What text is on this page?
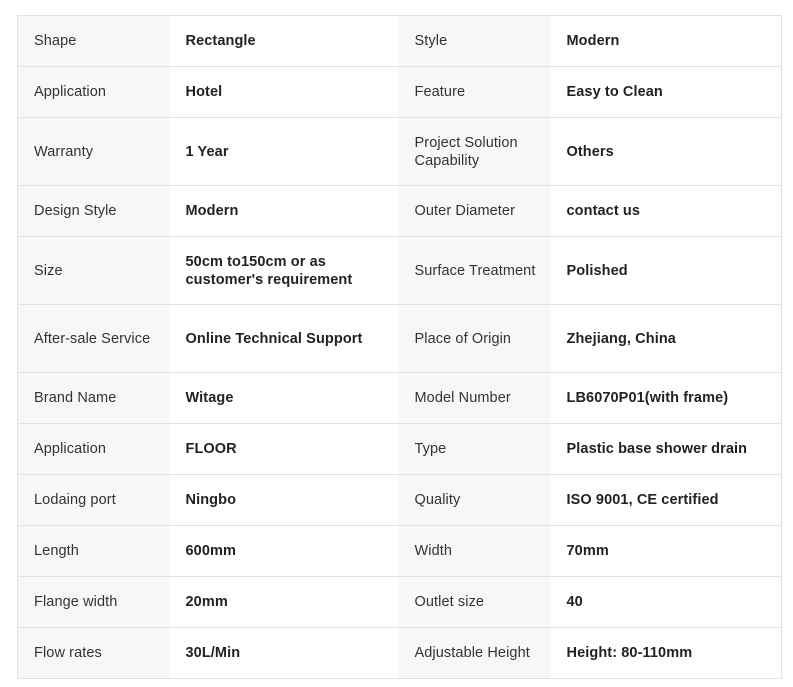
Shape	Rectangle	Style	Modern
Application	Hotel	Feature	Easy to Clean
Warranty	1 Year	Project Solution Capability	Others
Design Style	Modern	Outer Diameter	contact us
Size	50cm to150cm or as customer's requirement	Surface Treatment	Polished
After-sale Service	Online Technical Support	Place of Origin	Zhejiang, China
Brand Name	Witage	Model Number	LB6070P01(with frame)
Application	FLOOR	Type	Plastic base shower drain
Lodaing port	Ningbo	Quality	ISO 9001, CE certified
Length	600mm	Width	70mm
Flange width	20mm	Outlet size	40
Flow rates	30L/Min	Adjustable Height	Height: 80-110mm
